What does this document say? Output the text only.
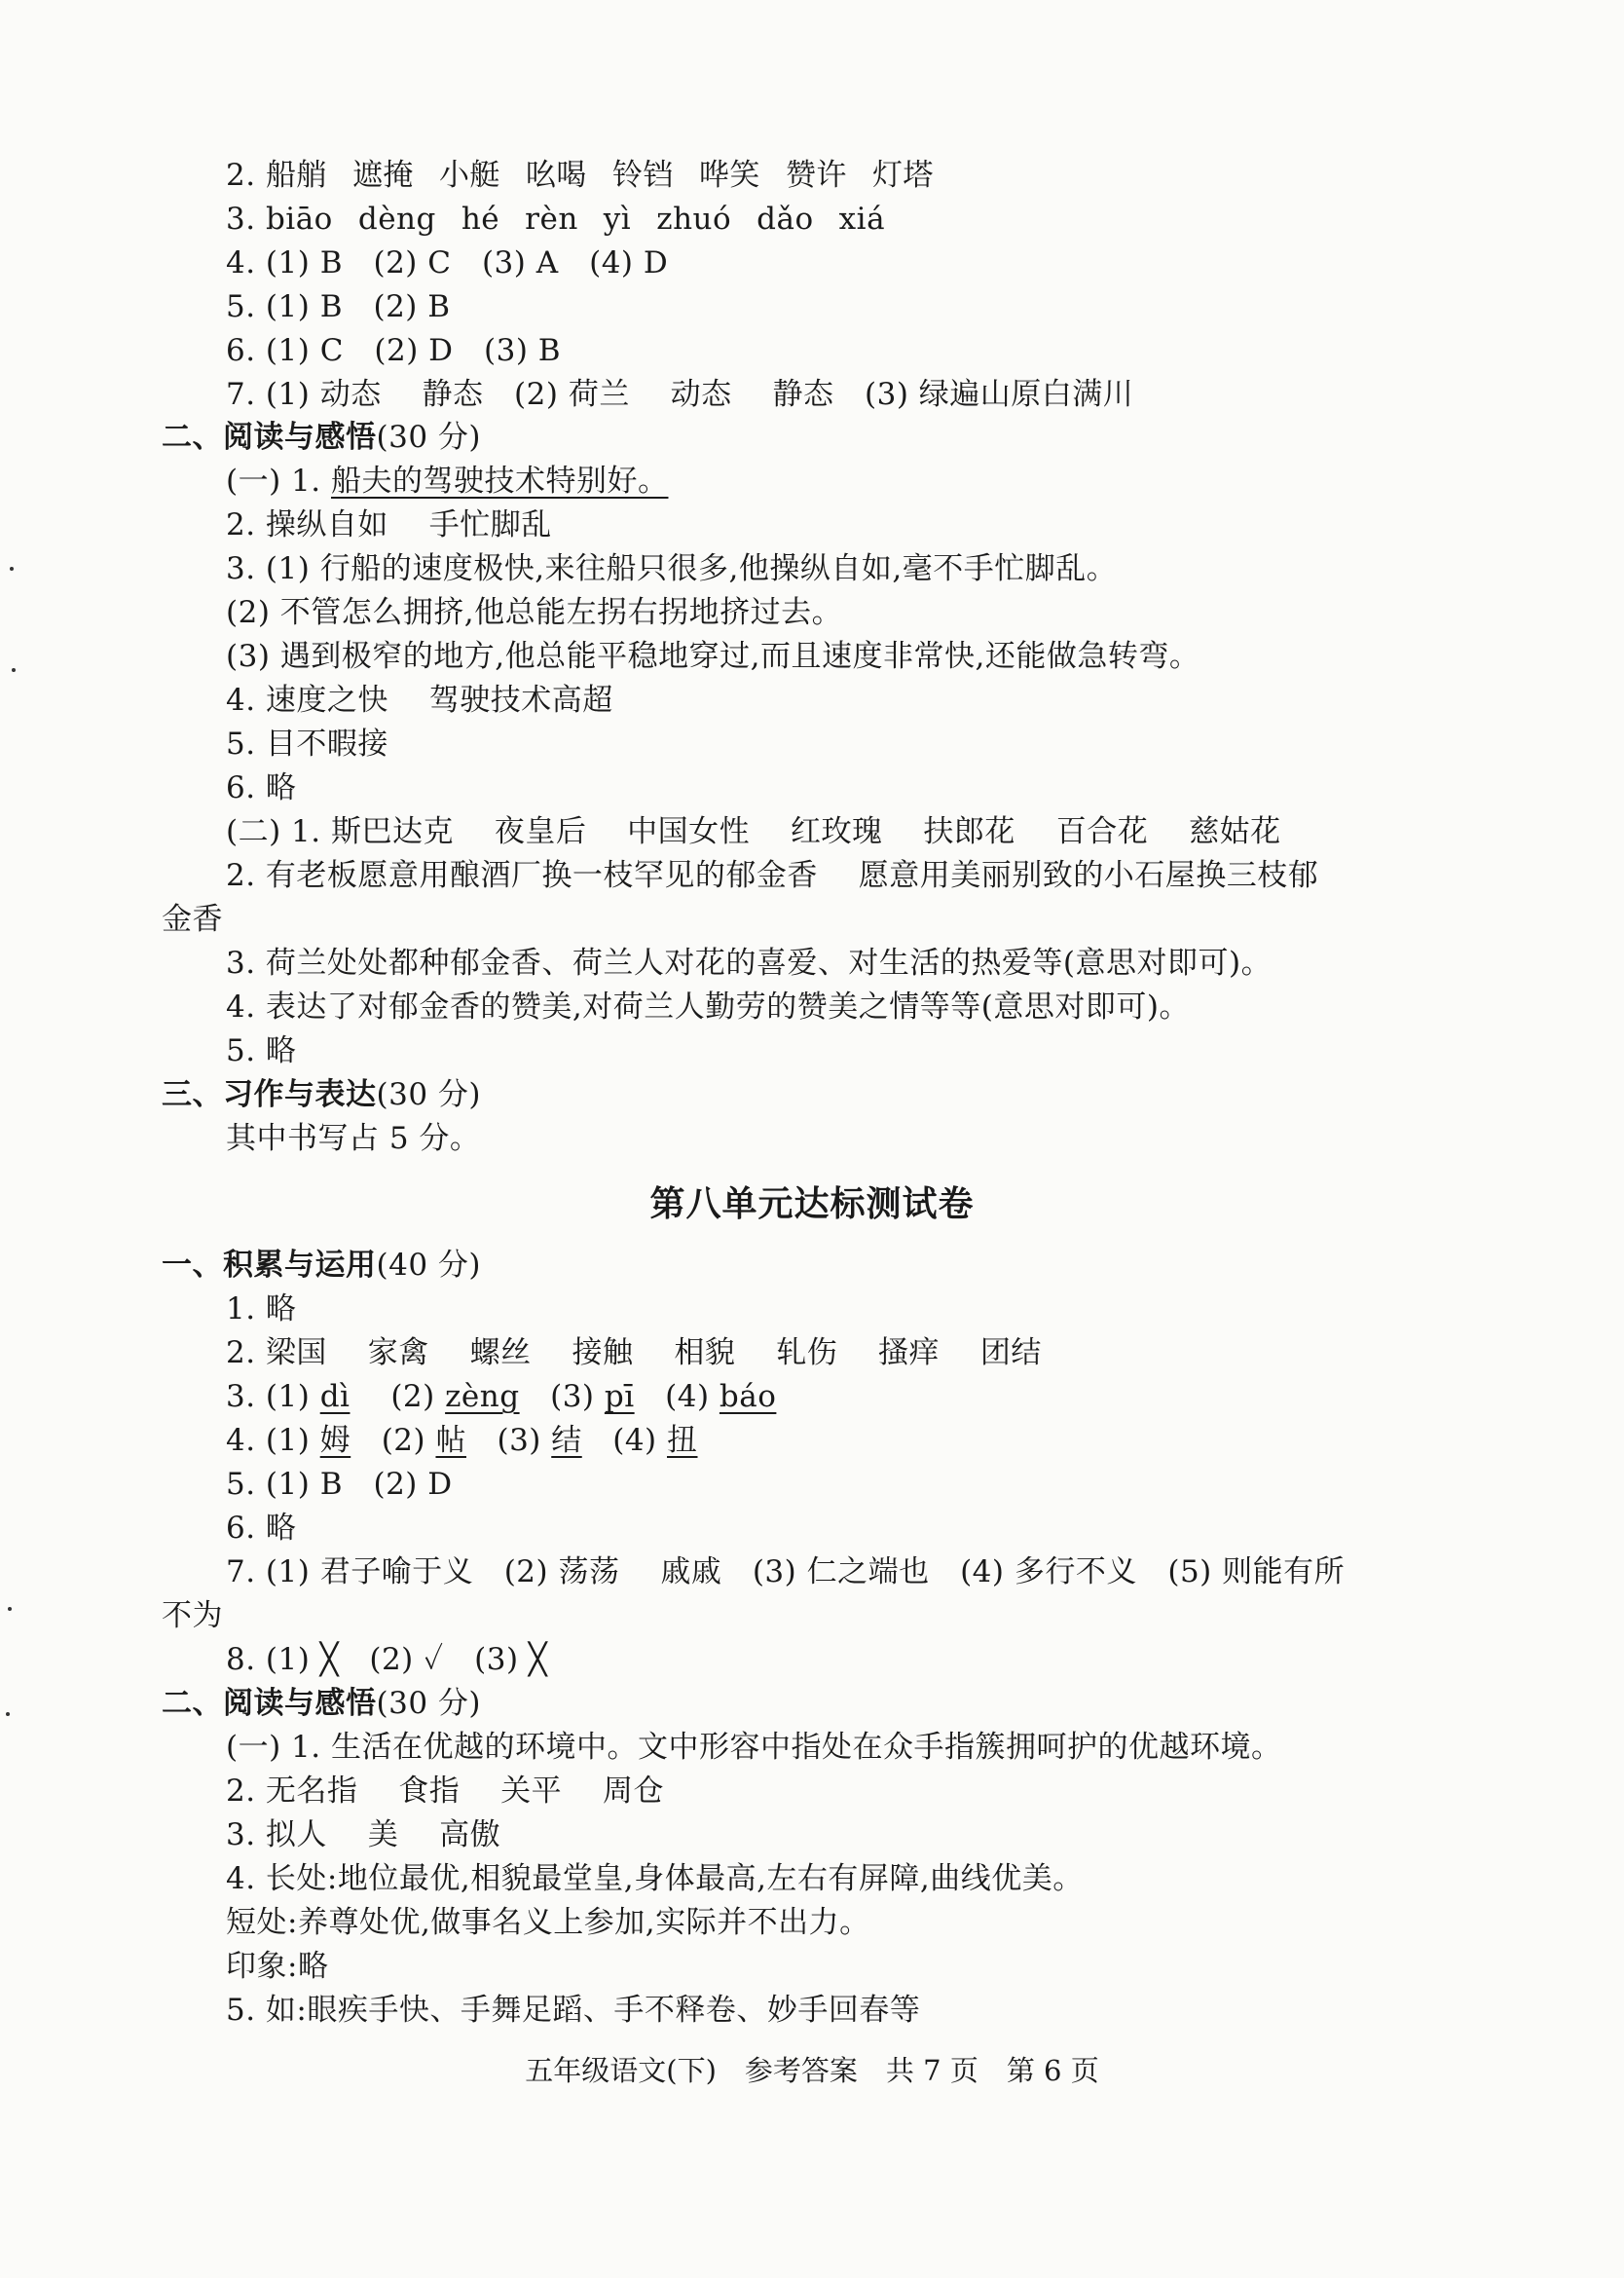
2. 船艄 遮掩 小艇 吆喝 铃铛 哗笑 赞许 灯塔
3. biāo dèng hé rèn yì zhuó dǎo xiá
4. (1) B　(2) C　(3) A　(4) D
5. (1) B　(2) B
6. (1) C　(2) D　(3) B
7. (1) 动态　 静态　(2) 荷兰　 动态　 静态　(3) 绿遍山原白满川
二、阅读与感悟(30 分)
(一) 1. 船夫的驾驶技术特别好。
2. 操纵自如　 手忙脚乱
3. (1) 行船的速度极快,来往船只很多,他操纵自如,毫不手忙脚乱。
(2) 不管怎么拥挤,他总能左拐右拐地挤过去。
(3) 遇到极窄的地方,他总能平稳地穿过,而且速度非常快,还能做急转弯。
4. 速度之快　 驾驶技术高超
5. 目不暇接
6. 略
(二) 1. 斯巴达克　 夜皇后　 中国女性　 红玫瑰　 扶郎花　 百合花　 慈姑花
2. 有老板愿意用酿酒厂换一枝罕见的郁金香　 愿意用美丽别致的小石屋换三枝郁
金香
3. 荷兰处处都种郁金香、荷兰人对花的喜爱、对生活的热爱等(意思对即可)。
4. 表达了对郁金香的赞美,对荷兰人勤劳的赞美之情等等(意思对即可)。
5. 略
三、习作与表达(30 分)
其中书写占 5 分。
第八单元达标测试卷
一、积累与运用(40 分)
1. 略
2. 梁国　 家禽　 螺丝　 接触　 相貌　 轧伤　 搔痒　 团结
3. (1) dì　 (2) zèng　(3) pī　(4) báo
4. (1) 姆　(2) 帖　(3) 结　(4) 扭
5. (1) B　(2) D
6. 略
7. (1) 君子喻于义　(2) 荡荡　 戚戚　(3) 仁之端也　(4) 多行不义　(5) 则能有所
不为
8. (1) ╳　(2) ✓　(3) ╳
二、阅读与感悟(30 分)
(一) 1. 生活在优越的环境中。文中形容中指处在众手指簇拥呵护的优越环境。
2. 无名指　 食指　 关平　 周仓
3. 拟人　 美　 高傲
4. 长处:地位最优,相貌最堂皇,身体最高,左右有屏障,曲线优美。
短处:养尊处优,做事名义上参加,实际并不出力。
印象:略
5. 如:眼疾手快、手舞足蹈、手不释卷、妙手回春等
五年级语文(下)　参考答案　共 7 页　第 6 页
